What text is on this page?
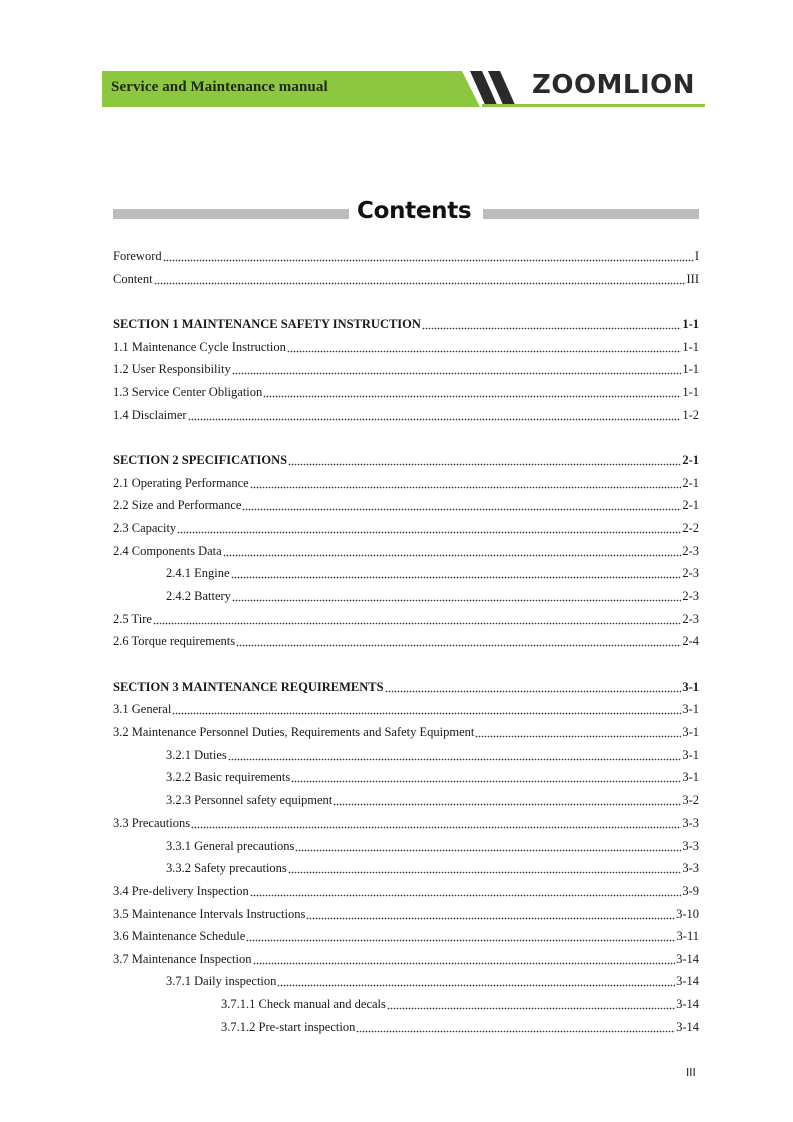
Service and Maintenance manual	ZOOMLION
Contents
Foreword	I
Content	III
SECTION 1 MAINTENANCE SAFETY INSTRUCTION	1-1
1.1 Maintenance Cycle Instruction	1-1
1.2 User Responsibility	1-1
1.3 Service Center Obligation	1-1
1.4 Disclaimer	1-2
SECTION 2 SPECIFICATIONS	2-1
2.1 Operating Performance	2-1
2.2 Size and Performance	2-1
2.3 Capacity	2-2
2.4 Components Data	2-3
2.4.1 Engine	2-3
2.4.2 Battery	2-3
2.5 Tire	2-3
2.6 Torque requirements	2-4
SECTION 3 MAINTENANCE REQUIREMENTS	3-1
3.1 General	3-1
3.2 Maintenance Personnel Duties, Requirements and Safety Equipment	3-1
3.2.1 Duties	3-1
3.2.2 Basic requirements	3-1
3.2.3 Personnel safety equipment	3-2
3.3 Precautions	3-3
3.3.1 General precautions	3-3
3.3.2 Safety precautions	3-3
3.4 Pre-delivery Inspection	3-9
3.5 Maintenance Intervals Instructions	3-10
3.6 Maintenance Schedule	3-11
3.7 Maintenance Inspection	3-14
3.7.1 Daily inspection	3-14
3.7.1.1 Check manual and decals	3-14
3.7.1.2 Pre-start inspection	3-14
III
